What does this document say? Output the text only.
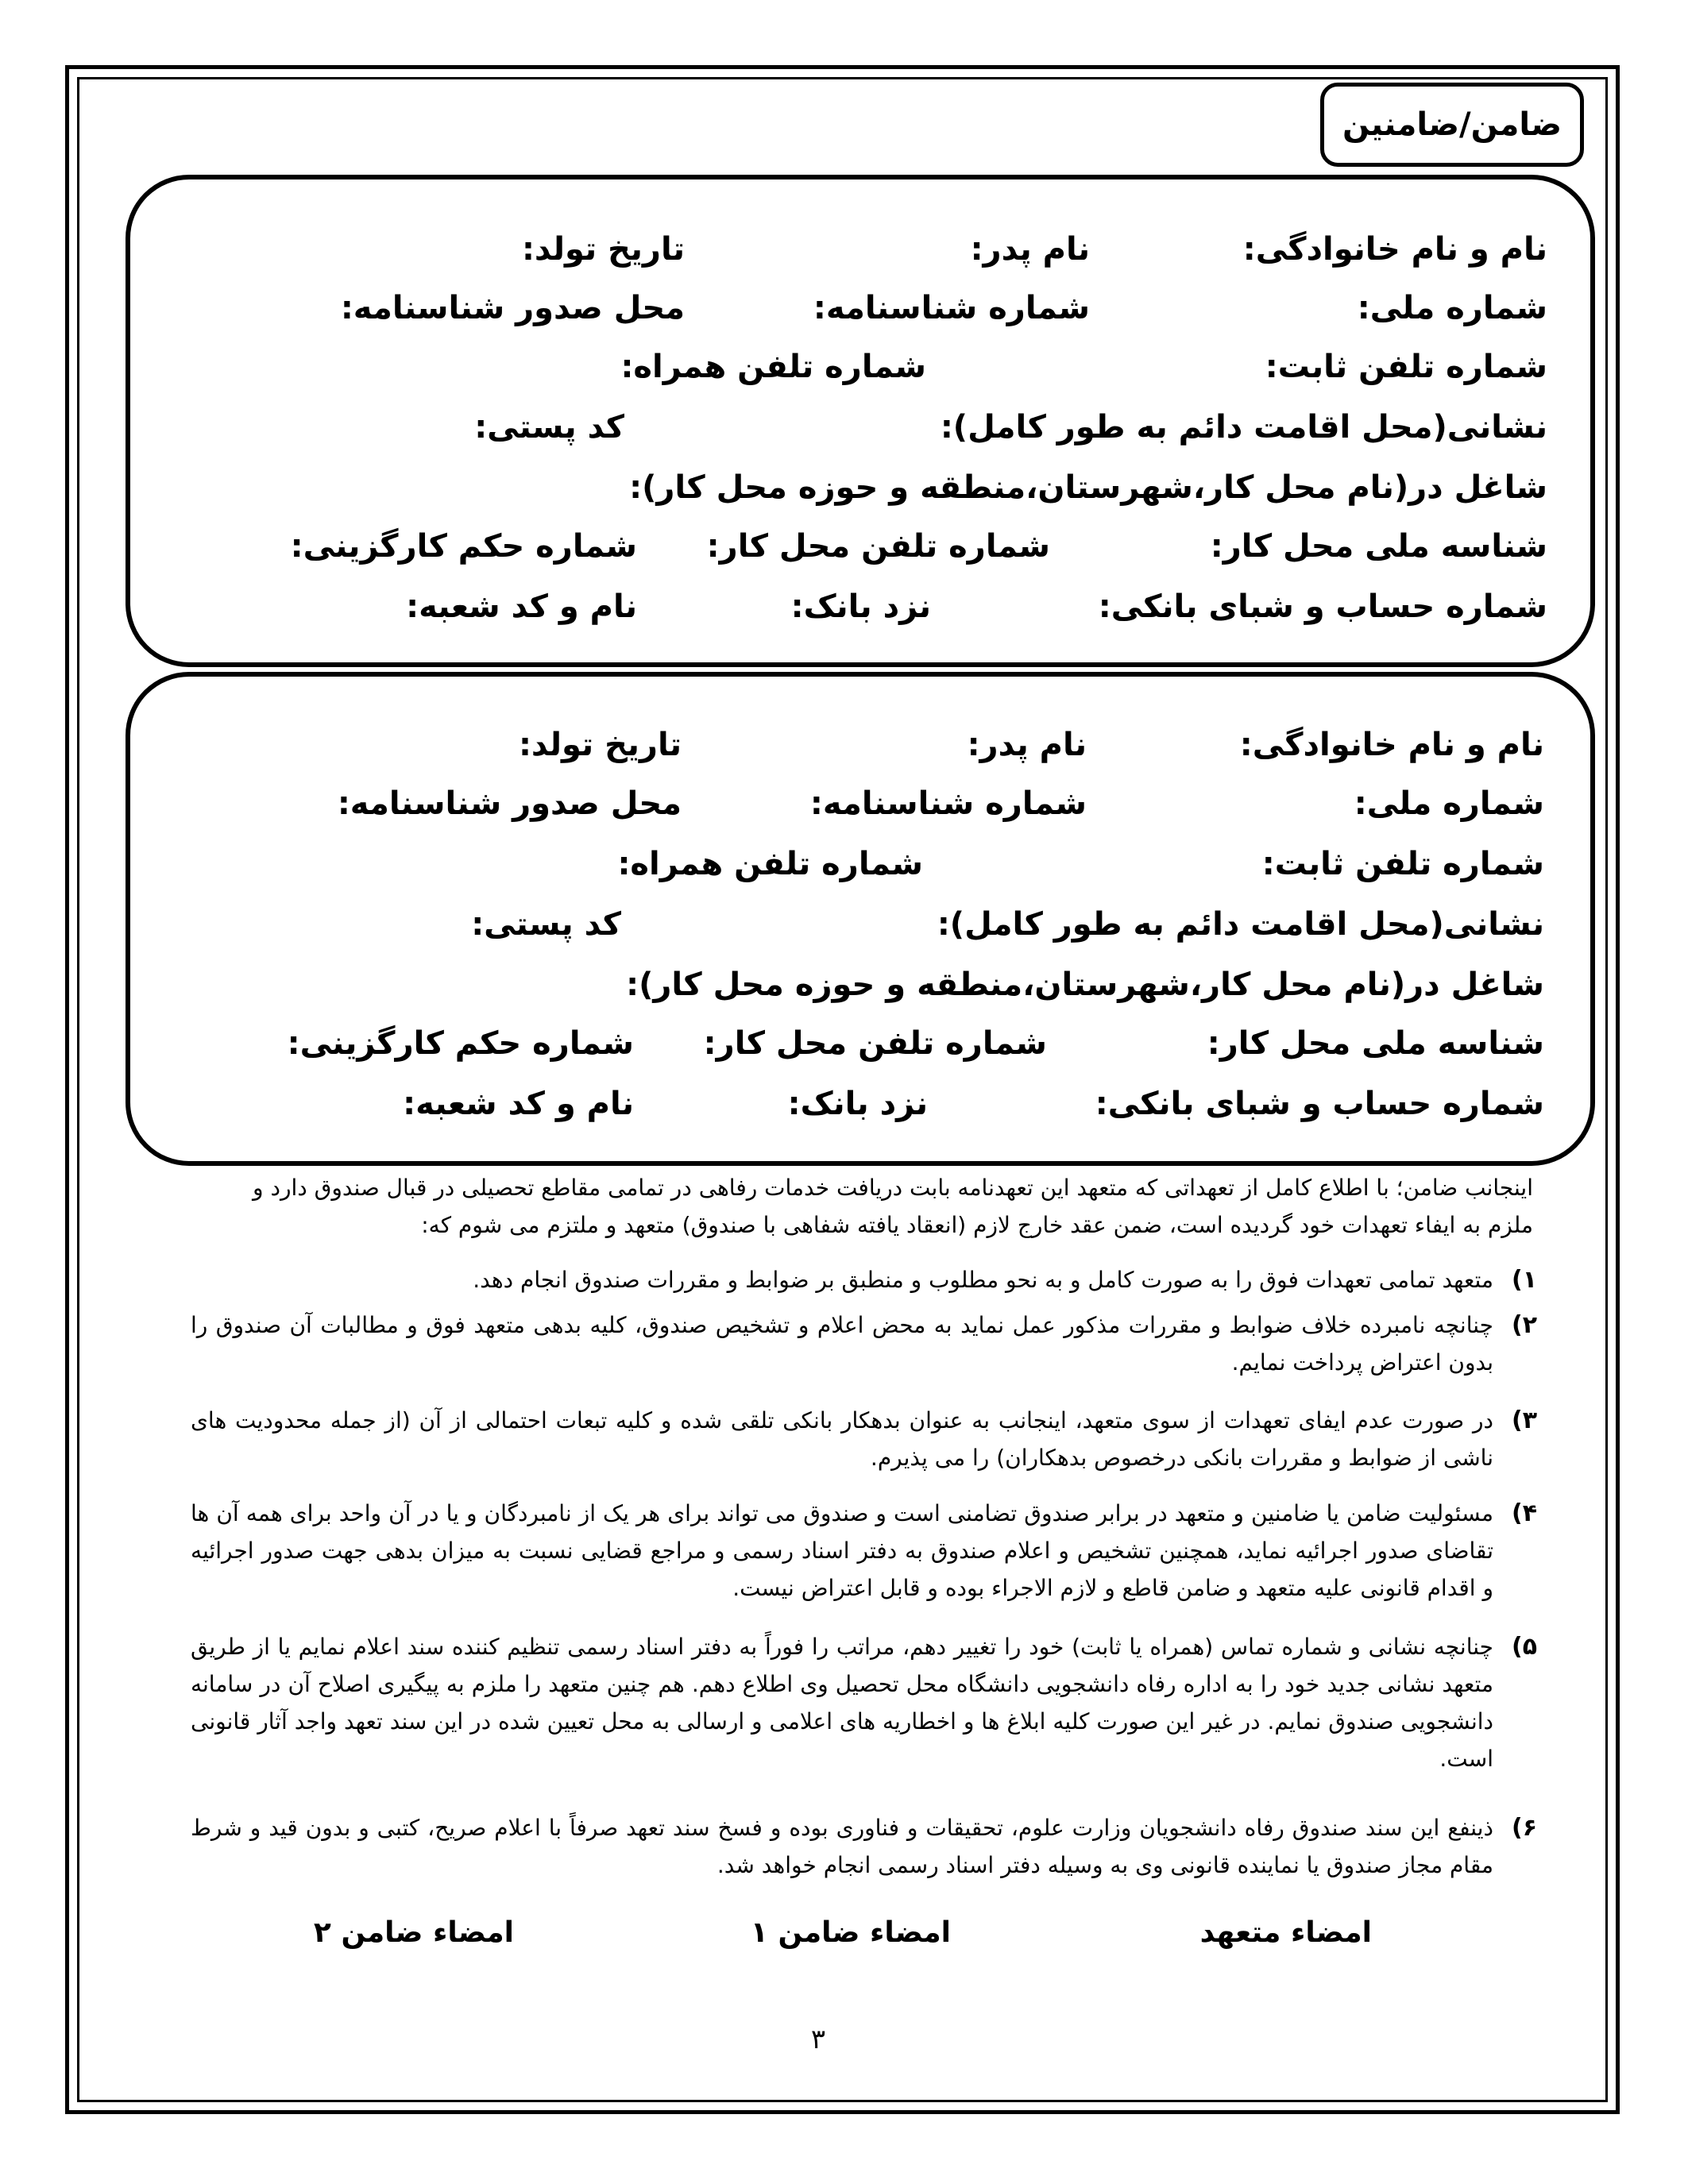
ضامن/ضامنین
نام و نام خانوادگی:
نام پدر:
تاریخ تولد:
شماره ملی:
شماره شناسنامه:
محل صدور شناسنامه:
شماره تلفن ثابت:
شماره تلفن همراه:
نشانی(محل اقامت دائم به طور کامل):
کد پستی:
شاغل در(نام محل کار،شهرستان،منطقه و حوزه محل کار):
شناسه ملی محل کار:
شماره تلفن محل کار:
شماره حکم کارگزینی:
شماره حساب و شبای بانکی:
نزد بانک:
نام و کد شعبه:
نام و نام خانوادگی:
نام پدر:
تاریخ تولد:
شماره ملی:
شماره شناسنامه:
محل صدور شناسنامه:
شماره تلفن ثابت:
شماره تلفن همراه:
نشانی(محل اقامت دائم به طور کامل):
کد پستی:
شاغل در(نام محل کار،شهرستان،منطقه و حوزه محل کار):
شناسه ملی محل کار:
شماره تلفن محل کار:
شماره حکم کارگزینی:
شماره حساب و شبای بانکی:
نزد بانک:
نام و کد شعبه:
اینجانب ضامن؛ با اطلاع کامل از تعهداتی که متعهد این تعهدنامه بابت دریافت خدمات رفاهی در تمامی مقاطع تحصیلی در قبال صندوق دارد و
ملزم به ایفاء تعهدات خود گردیده است، ضمن عقد خارج لازم (انعقاد یافته شفاهی با صندوق) متعهد و ملتزم می شوم که:
۱)
متعهد تمامی تعهدات فوق را به صورت کامل و به نحو مطلوب و منطبق بر ضوابط و مقررات صندوق انجام دهد.
۲)
چنانچه نامبرده خلاف ضوابط و مقررات مذکور عمل نماید به محض اعلام و تشخیص صندوق، کلیه بدهی متعهد فوق و مطالبات آن صندوق را بدون اعتراض پرداخت نمایم.
۳)
در صورت عدم ایفای تعهدات از سوی متعهد، اینجانب به عنوان بدهکار بانکی تلقی شده و کلیه تبعات احتمالی از آن (از جمله محدودیت های ناشی از ضوابط و مقررات بانکی درخصوص بدهکاران) را می پذیرم.
۴)
مسئولیت ضامن یا ضامنین و متعهد در برابر صندوق تضامنی است و صندوق می تواند برای هر یک از نامبردگان و یا در آن واحد برای همه آن ها تقاضای صدور اجرائیه نماید، همچنین تشخیص و اعلام صندوق به دفتر اسناد رسمی و مراجع قضایی نسبت به میزان بدهی جهت صدور اجرائیه و اقدام قانونی علیه متعهد و ضامن قاطع و لازم الاجراء بوده و قابل اعتراض نیست.
۵)
چنانچه نشانی و شماره تماس (همراه یا ثابت) خود را تغییر دهم، مراتب را فوراً به دفتر اسناد رسمی تنظیم کننده سند اعلام نمایم یا از طریق متعهد نشانی جدید خود را به اداره رفاه دانشجویی دانشگاه محل تحصیل وی اطلاع دهم. هم چنین متعهد را ملزم به پیگیری اصلاح آن در سامانه دانشجویی صندوق نمایم. در غیر این صورت کلیه ابلاغ ها و اخطاریه های اعلامی و ارسالی به محل تعیین شده در این سند تعهد واجد آثار قانونی است.
۶)
ذینفع این سند صندوق رفاه دانشجویان وزارت علوم، تحقیقات و فناوری بوده و فسخ سند تعهد صرفاً با اعلام صریح، کتبی و بدون قید و شرط مقام مجاز صندوق یا نماینده قانونی وی به وسیله دفتر اسناد رسمی انجام خواهد شد.
امضاء متعهد
امضاء ضامن ۱
امضاء ضامن ۲
۳
